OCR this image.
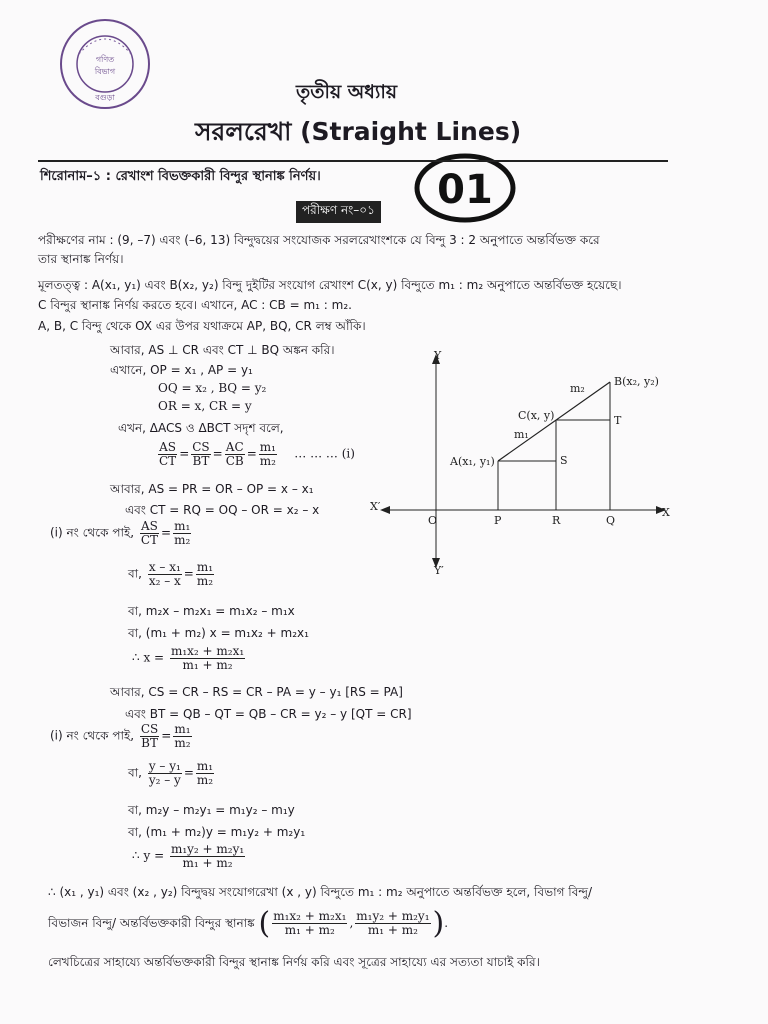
গণিত
বিভাগ
বগুড়া	তৃতীয় অধ্যায়
সরলরেখা (Straight Lines)
01
শিরোনাম–১ : রেখাংশ বিভক্তকারী বিন্দুর স্থানাঙ্ক নির্ণয়।
পরীক্ষণ নং–০১
পরীক্ষণের নাম : (9, –7) এবং (–6, 13) বিন্দুদ্বয়ের সংযোজক সরলরেখাংশকে যে বিন্দু 3 : 2 অনুপাতে অন্তর্বিভক্ত করে
তার স্থানাঙ্ক নির্ণয়।
মূলতত্ত্ব : A(x₁, y₁) এবং B(x₂, y₂) বিন্দু দুইটির সংযোগ রেখাংশ C(x, y) বিন্দুতে m₁ : m₂ অনুপাতে অন্তর্বিভক্ত হয়েছে।
C বিন্দুর স্থানাঙ্ক নির্ণয় করতে হবে। এখানে, AC : CB = m₁ : m₂.
A, B, C বিন্দু থেকে OX এর উপর যথাক্রমে AP, BQ, CR লম্ব আঁকি।
আবার, AS ⊥ CR এবং CT ⊥ BQ অঙ্কন করি।
এখানে, OP = x₁ , AP = y₁
OQ = x₂ , BQ = y₂
OR = x, CR = y
এখন, ΔACS ও ΔBCT সদৃশ বলে,
$\frac{AS}{CT} = \frac{CS}{BT} = \frac{AC}{CB} = \frac{\text{m₁}}{\text{m₂}}$ … … … (i)
আবার, AS = PR = OR – OP = x – x₁
এবং CT = RQ = OQ – OR = x₂ – x
(i) নং থেকে পাই, $\frac{AS}{CT} = \frac{\text{m₁}}{\text{m₂}}$
বা, $\frac{\text{x – x₁}}{\text{x₂ – x}} = \frac{\text{m₁}}{\text{m₂}}$
বা, m₂x – m₂x₁ = m₁x₂ – m₁x
বা, (m₁ + m₂) x = m₁x₂ + m₂x₁
∴ $x = \frac{\text{m₁x₂ + m₂x₁}}{\text{m₁ + m₂}}$
আবার, CS = CR – RS = CR – PA = y – y₁ [RS = PA]
এবং BT = QB – QT = QB – CR = y₂ – y [QT = CR]
(i) নং থেকে পাই, $\frac{CS}{BT} = \frac{\text{m₁}}{\text{m₂}}$
বা, $\frac{\text{y – y₁}}{\text{y₂ – y}} = \frac{\text{m₁}}{\text{m₂}}$
বা, m₂y – m₂y₁ = m₁y₂ – m₁y
বা, (m₁ + m₂)y = m₁y₂ + m₂y₁
∴ $y = \frac{\text{m₁y₂ + m₂y₁}}{\text{m₁ + m₂}}$
∴ (x₁ , y₁) এবং (x₂ , y₂) বিন্দুদ্বয় সংযোগরেখা (x , y) বিন্দুতে m₁ : m₂ অনুপাতে অন্তর্বিভক্ত হলে, বিভাগ বিন্দু/
বিভাজন বিন্দু/ অন্তর্বিভক্তকারী বিন্দুর স্থানাঙ্ক ( $\frac{\text{m₁x₂ + m₂x₁}}{\text{m₁ + m₂}}$ , $\frac{\text{m₁y₂ + m₂y₁}}{\text{m₁ + m₂}}$ ).
লেখচিত্রের সাহায্যে অন্তর্বিভক্তকারী বিন্দুর স্থানাঙ্ক নির্ণয় করি এবং সূত্রের সাহায্যে এর সত্যতা যাচাই করি।
Y
Y′
X
X′
O	P	R	Q
A(x₁, y₁)
B(x₂, y₂)
C(x, y)
S
T
m₁
m₂
